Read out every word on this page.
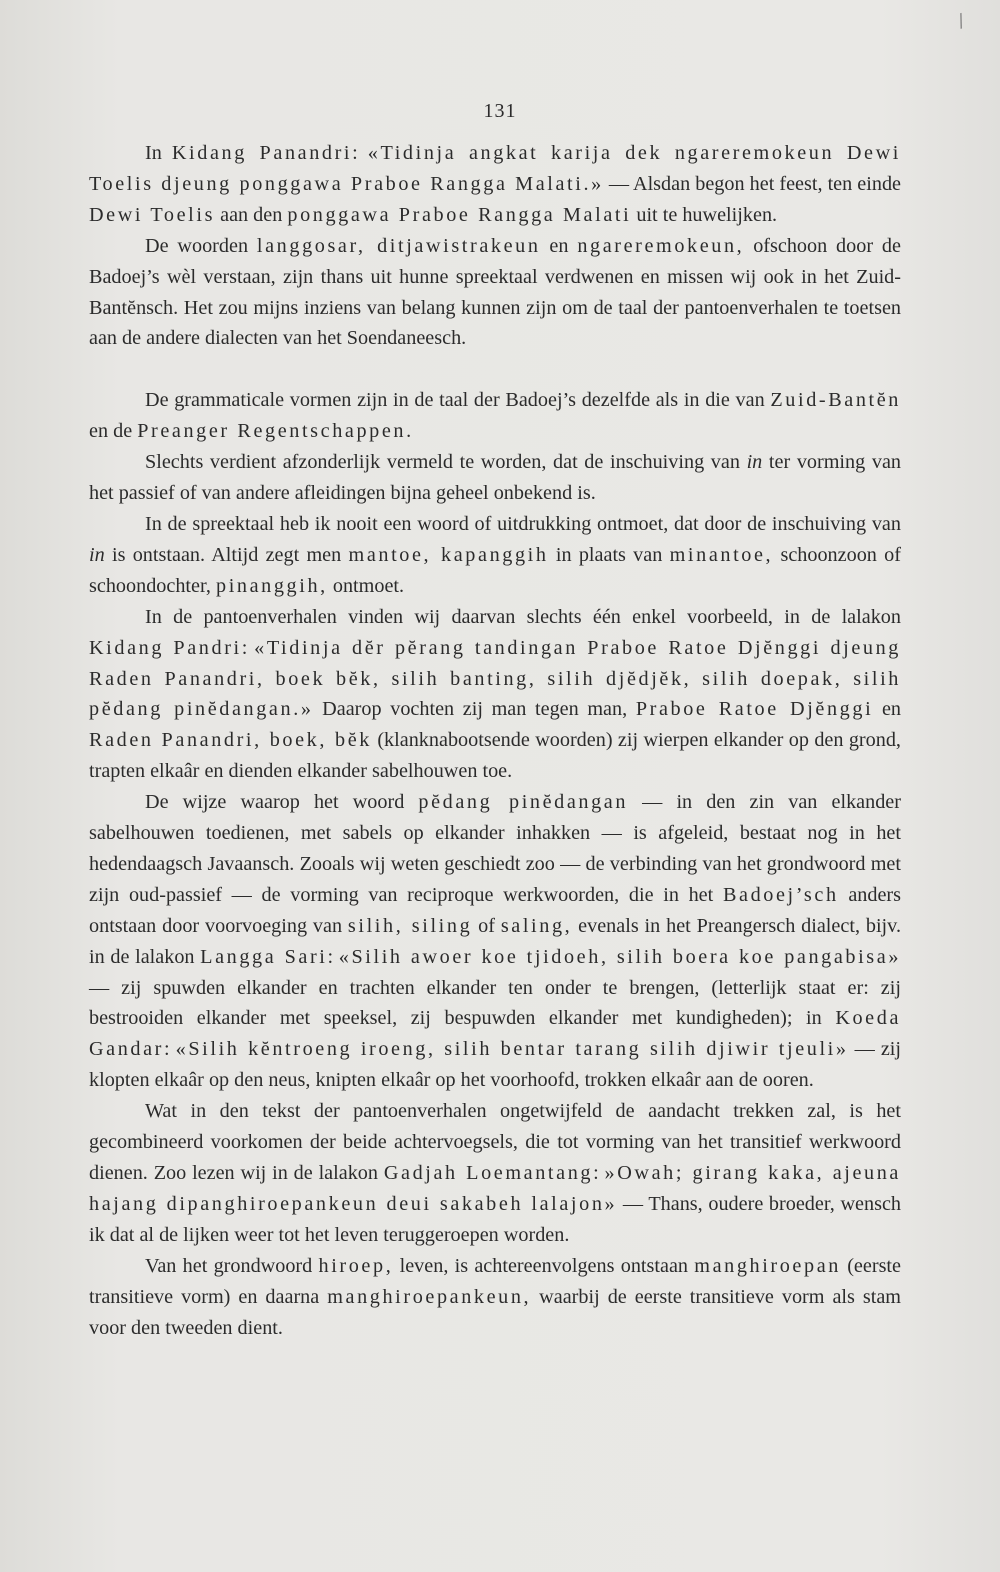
/
131

In Kidang Panandri: «Tidinja angkat karija dek ngareremokeun Dewi Toelis djeung ponggawa Praboe Rangga Malati.» — Alsdan begon het feest, ten einde Dewi Toelis aan den ponggawa Praboe Rangga Malati uit te huwelijken.

De woorden langgosar, ditjawistrakeun en ngareremokeun, ofschoon door de Badoej’s wèl verstaan, zijn thans uit hunne spreektaal verdwenen en missen wij ook in het Zuid-Bantĕnsch. Het zou mijns inziens van belang kunnen zijn om de taal der pantoenverhalen te toetsen aan de andere dialecten van het Soendaneesch.

De grammaticale vormen zijn in de taal der Badoej’s dezelfde als in die van Zuid-Bantĕn en de Preanger Regentschappen.

Slechts verdient afzonderlijk vermeld te worden, dat de inschuiving van in ter vorming van het passief of van andere afleidingen bijna geheel onbekend is.

In de spreektaal heb ik nooit een woord of uitdrukking ontmoet, dat door de inschuiving van in is ontstaan. Altijd zegt men mantoe, kapanggih in plaats van minantoe, schoonzoon of schoondochter, pinanggih, ontmoet.

In de pantoenverhalen vinden wij daarvan slechts één enkel voorbeeld, in de lalakon Kidang Pandri: «Tidinja dĕr pĕrang tandingan Praboe Ratoe Djĕnggi djeung Raden Panandri, boek bĕk, silih banting, silih djĕdjĕk, silih doepak, silih pĕdang pinĕdangan.» Daarop vochten zij man tegen man, Praboe Ratoe Djĕnggi en Raden Panandri, boek, bĕk (klanknabootsende woorden) zij wierpen elkander op den grond, trapten elkaâr en dienden elkander sabelhouwen toe.

De wijze waarop het woord pĕdang pinĕdangan — in den zin van elkander sabelhouwen toedienen, met sabels op elkander inhakken — is afgeleid, bestaat nog in het hedendaagsch Javaansch. Zooals wij weten geschiedt zoo — de verbinding van het grondwoord met zijn oud-passief — de vorming van reciproque werkwoorden, die in het Badoej’sch anders ontstaan door voorvoeging van silih, siling of saling, evenals in het Preangersch dialect, bijv. in de lalakon Langga Sari: «Silih awoer koe tjidoeh, silih boera koe pangabisa» — zij spuwden elkander en trachten elkander ten onder te brengen, (letterlijk staat er: zij bestrooiden elkander met speeksel, zij bespuwden elkander met kundigheden); in Koeda Gandar: «Silih kĕntroeng iroeng, silih bentar tarang silih djiwir tjeuli» — zij klopten elkaâr op den neus, knipten elkaâr op het voorhoofd, trokken elkaâr aan de ooren.

Wat in den tekst der pantoenverhalen ongetwijfeld de aandacht trekken zal, is het gecombineerd voorkomen der beide achtervoegsels, die tot vorming van het transitief werkwoord dienen. Zoo lezen wij in de lalakon Gadjah Loemantang: »Owah; girang kaka, ajeuna hajang dipanghiroepankeun deui sakabeh lalajon» — Thans, oudere broeder, wensch ik dat al de lijken weer tot het leven teruggeroepen worden.

Van het grondwoord hiroep, leven, is achtereenvolgens ontstaan manghiroepan (eerste transitieve vorm) en daarna manghiroepankeun, waarbij de eerste transitieve vorm als stam voor den tweeden dient.
